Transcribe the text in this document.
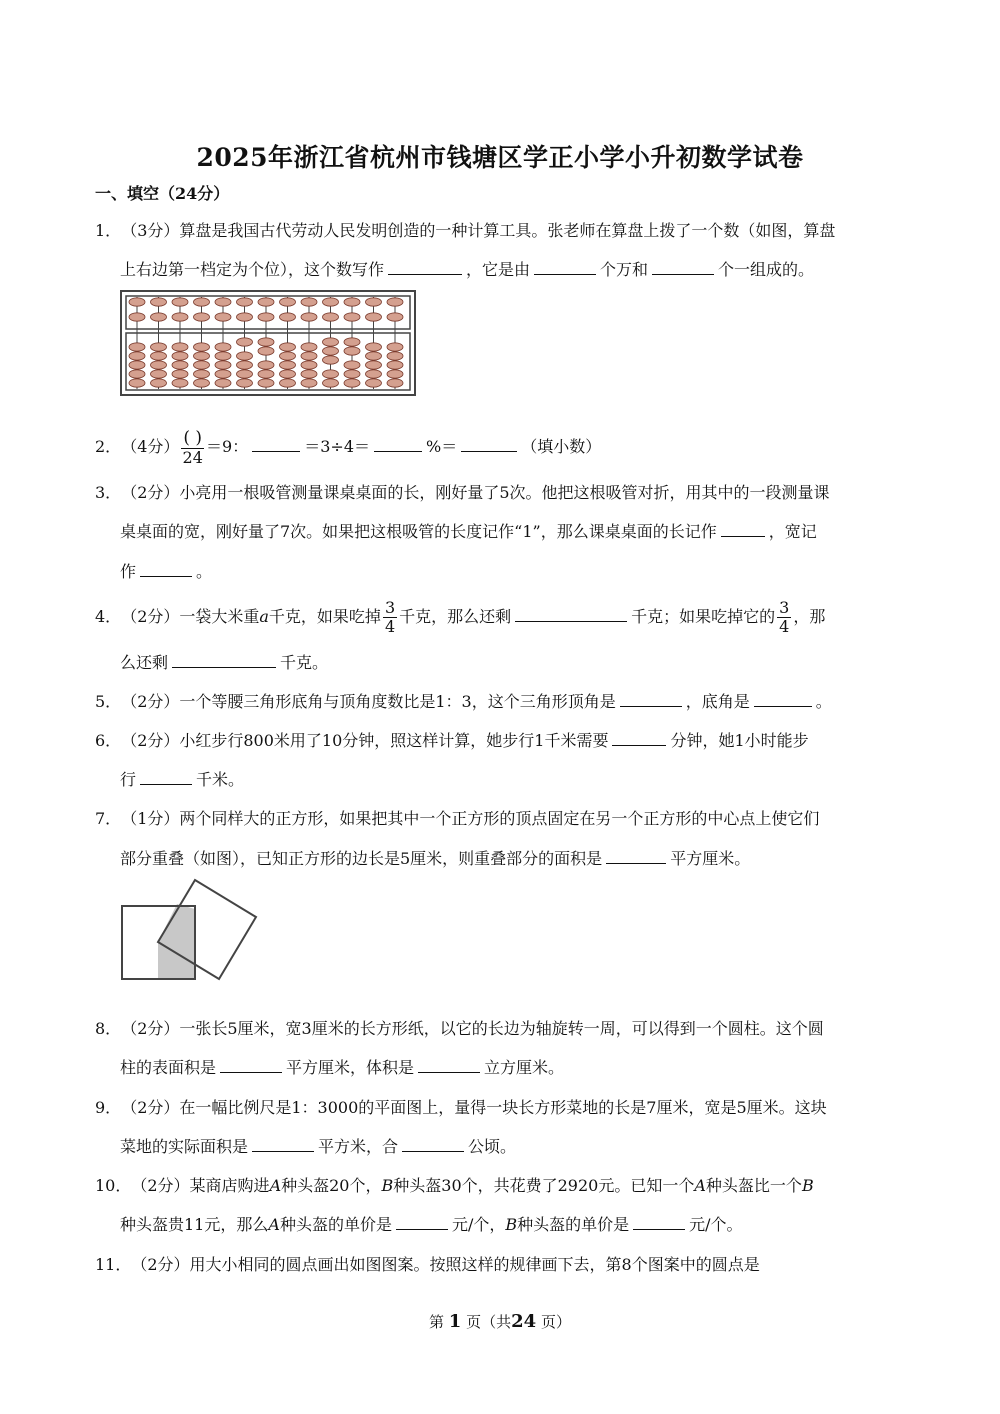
2025年浙江省杭州市钱塘区学正小学小升初数学试卷
一、填空（24分）
1．（3分）算盘是我国古代劳动人民发明创造的一种计算工具。张老师在算盘上拨了一个数（如图，算盘
上右边第一档定为个位），这个数写作	，它是由	个万和	个一组成的。
2．（4分） $\frac{( )}{24} =9$：	＝3÷4＝	%＝	（填小数）
3．（2分）小亮用一根吸管测量课桌桌面的长，刚好量了5次。他把这根吸管对折，用其中的一段测量课
桌桌面的宽，刚好量了7次。如果把这根吸管的长度记作“1”，那么课桌桌面的长记作	，宽记
作	。
4．（2分）一袋大米重a千克，如果吃掉 $\frac{3}{4}$ 千克，那么还剩	千克；如果吃掉它的 $\frac{3}{4}$ ，那
么还剩	千克。
5．（2分）一个等腰三角形底角与顶角度数比是1：3，这个三角形顶角是	，底角是	。
6．（2分）小红步行800米用了10分钟，照这样计算，她步行1千米需要	分钟，她1小时能步
行	千米。
7．（1分）两个同样大的正方形，如果把其中一个正方形的顶点固定在另一个正方形的中心点上使它们
部分重叠（如图），已知正方形的边长是5厘米，则重叠部分的面积是	平方厘米。
8．（2分）一张长5厘米，宽3厘米的长方形纸，以它的长边为轴旋转一周，可以得到一个圆柱。这个圆
柱的表面积是	平方厘米，体积是	立方厘米。
9．（2分）在一幅比例尺是1：3000的平面图上，量得一块长方形菜地的长是7厘米，宽是5厘米。这块
菜地的实际面积是	平方米，合	公顷。
10．（2分）某商店购进A种头盔20个，B种头盔30个，共花费了2920元。已知一个A种头盔比一个B
种头盔贵11元，那么A种头盔的单价是	元/个，B种头盔的单价是	元/个。
11．（2分）用大小相同的圆点画出如图图案。按照这样的规律画下去，第8个图案中的圆点是
第 1 页（共24 页）
